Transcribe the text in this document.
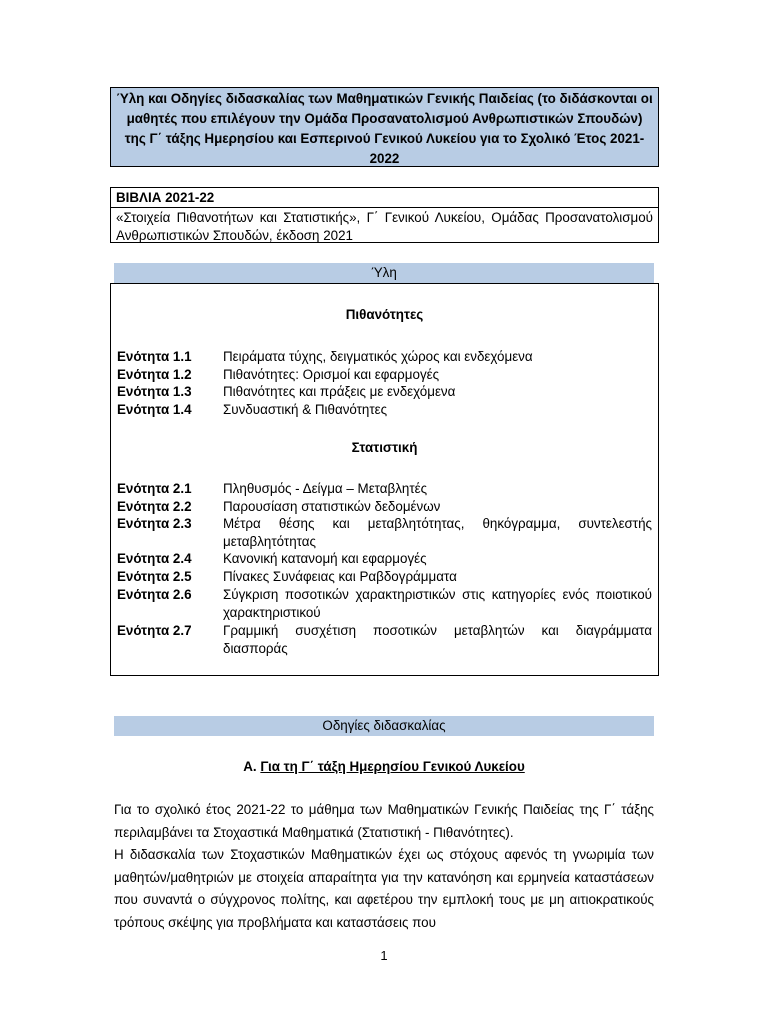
Ύλη και Οδηγίες διδασκαλίας των Μαθηματικών Γενικής Παιδείας (το διδάσκονται οι μαθητές που επιλέγουν την Ομάδα Προσανατολισμού Ανθρωπιστικών Σπουδών) της Γ΄ τάξης Ημερησίου και Εσπερινού Γενικού Λυκείου για το Σχολικό Έτος 2021-2022
ΒΙΒΛΙΑ 2021-22
«Στοιχεία Πιθανοτήτων και Στατιστικής», Γ΄ Γενικού Λυκείου, Ομάδας Προσανατολισμού Ανθρωπιστικών Σπουδών, έκδοση 2021
Ύλη
Πιθανότητες
Ενότητα 1.1	Πειράματα τύχης, δειγματικός χώρος και ενδεχόμενα
Ενότητα 1.2	Πιθανότητες: Ορισμοί και εφαρμογές
Ενότητα 1.3	Πιθανότητες και πράξεις με ενδεχόμενα
Ενότητα 1.4	Συνδυαστική & Πιθανότητες
Στατιστική
Ενότητα 2.1	Πληθυσμός - Δείγμα – Μεταβλητές
Ενότητα 2.2	Παρουσίαση στατιστικών δεδομένων
Ενότητα 2.3	Μέτρα θέσης και μεταβλητότητας, θηκόγραμμα, συντελεστής μεταβλητότητας
Ενότητα 2.4	Κανονική κατανομή και εφαρμογές
Ενότητα 2.5	Πίνακες Συνάφειας και Ραβδογράμματα
Ενότητα 2.6	Σύγκριση ποσοτικών χαρακτηριστικών στις κατηγορίες ενός ποιοτικού χαρακτηριστικού
Ενότητα 2.7	Γραμμική συσχέτιση ποσοτικών μεταβλητών και διαγράμματα διασποράς
Οδηγίες διδασκαλίας
Α. Για τη Γ΄ τάξη Ημερησίου Γενικού Λυκείου

Για το σχολικό έτος 2021-22 το μάθημα των Μαθηματικών Γενικής Παιδείας της Γ΄ τάξης περιλαμβάνει τα Στοχαστικά Μαθηματικά (Στατιστική - Πιθανότητες).

Η διδασκαλία των Στοχαστικών Μαθηματικών έχει ως στόχους αφενός τη γνωριμία των μαθητών/μαθητριών με στοιχεία απαραίτητα για την κατανόηση και ερμηνεία καταστάσεων που συναντά ο σύγχρονος πολίτης, και αφετέρου την εμπλοκή τους με μη αιτιοκρατικούς τρόπους σκέψης για προβλήματα και καταστάσεις που

1
